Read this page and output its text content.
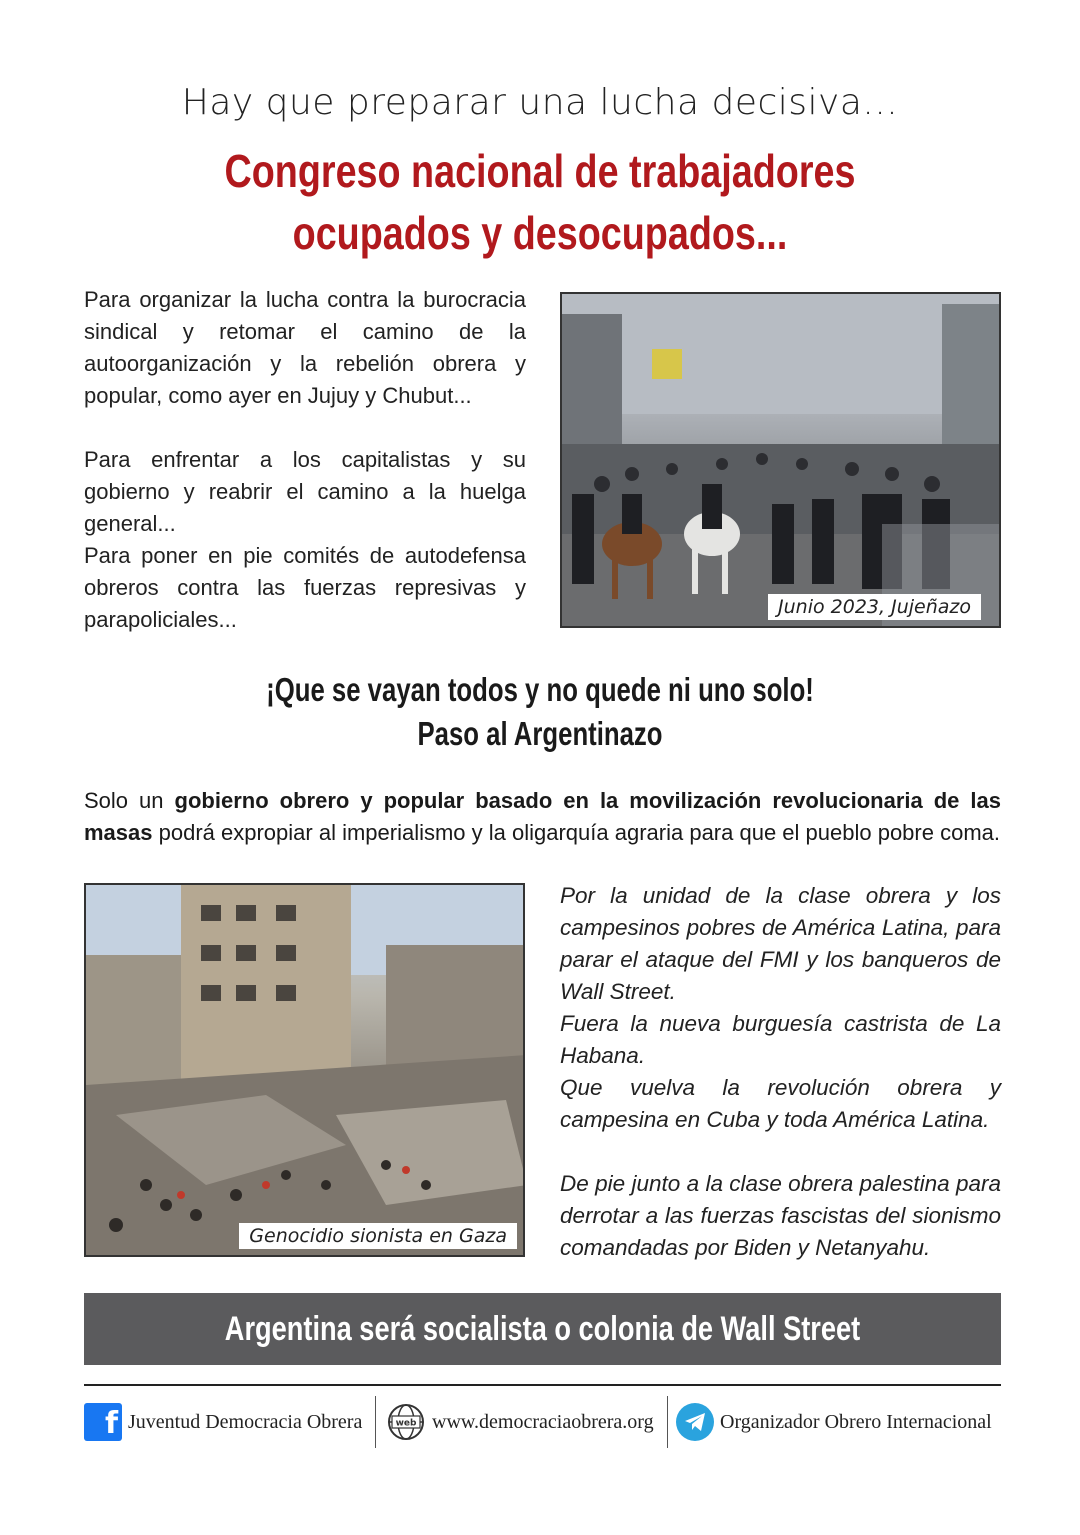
Hay que preparar una lucha decisiva...
Congreso nacional de trabajadores
ocupados y desocupados...
Para organizar la lucha contra la burocracia sindical y retomar el camino de la autoorganización y la rebelión obrera y popular, como ayer en Jujuy y Chubut...
Para enfrentar a los capitalistas y su gobierno y reabrir el camino a la huelga general...
Para poner en pie comités de autodefensa obreros contra las fuerzas represivas y parapoliciales...	Junio 2023, Jujeñazo
¡Que se vayan todos y no quede ni uno solo!
Paso al Argentinazo
Solo un gobierno obrero y popular basado en la movilización revolucionaria de las masas podrá expropiar al imperialismo y la oligarquía agraria para que el pueblo pobre coma.
Genocidio sionista en Gaza
Por la unidad de la clase obrera y los campesinos pobres de América Latina, para parar el ataque del FMI y los banqueros de Wall Street.
Fuera la nueva burguesía castrista de La Habana.
Que vuelva la revolución obrera y campesina en Cuba y toda América Latina.
De pie junto a la clase obrera palestina para derrotar a las fuerzas fascistas del sionismo comandadas por Biden y Netanyahu.
Argentina será socialista o colonia de Wall Street
f Juventud Democracia Obrera	web www.democraciaobrera.org	Organizador Obrero Internacional
